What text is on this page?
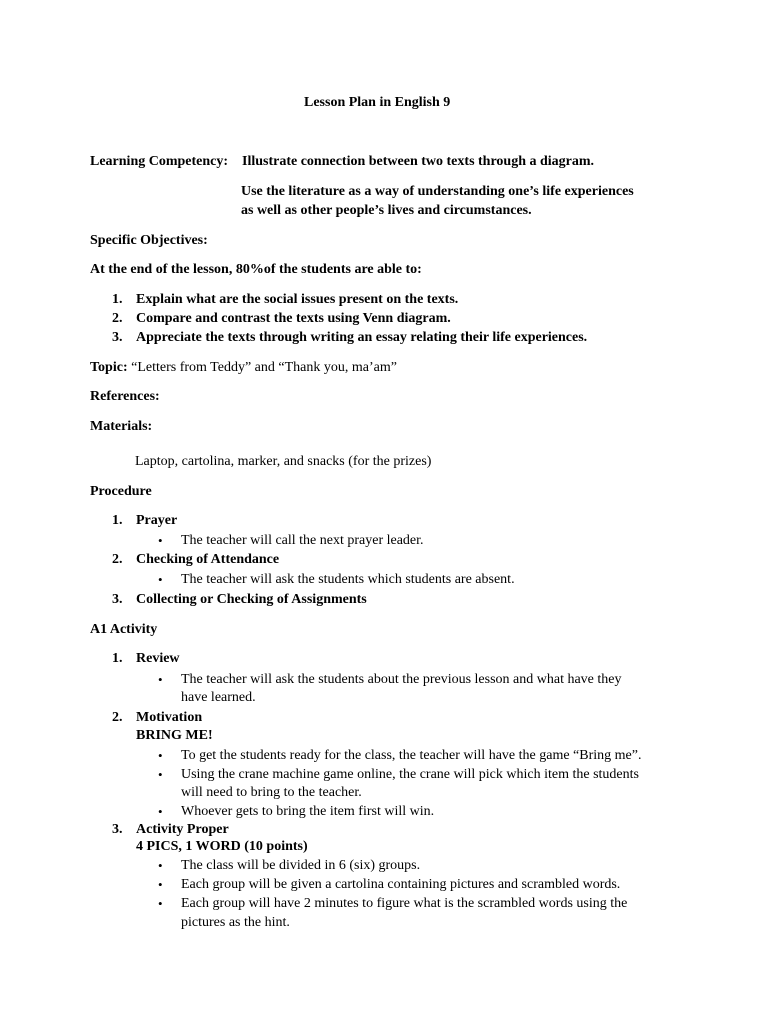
Lesson Plan in English 9
Learning Competency: Illustrate connection between two texts through a diagram.
Use the literature as a way of understanding one’s life experiences
as well as other people’s lives and circumstances.
Specific Objectives:
At the end of the lesson, 80%of the students are able to:
1. Explain what are the social issues present on the texts.
2. Compare and contrast the texts using Venn diagram.
3. Appreciate the texts through writing an essay relating their life experiences.
Topic: “Letters from Teddy” and “Thank you, ma’am”
References:
Materials:
Laptop, cartolina, marker, and snacks (for the prizes)
Procedure
1. Prayer
• The teacher will call the next prayer leader.
2. Checking of Attendance
• The teacher will ask the students which students are absent.
3. Collecting or Checking of Assignments
A1 Activity
1. Review
• The teacher will ask the students about the previous lesson and what have they
have learned.
2. Motivation
BRING ME!
• To get the students ready for the class, the teacher will have the game “Bring me”.
• Using the crane machine game online, the crane will pick which item the students
will need to bring to the teacher.
• Whoever gets to bring the item first will win.
3. Activity Proper
4 PICS, 1 WORD (10 points)
• The class will be divided in 6 (six) groups.
• Each group will be given a cartolina containing pictures and scrambled words.
• Each group will have 2 minutes to figure what is the scrambled words using the
pictures as the hint.
